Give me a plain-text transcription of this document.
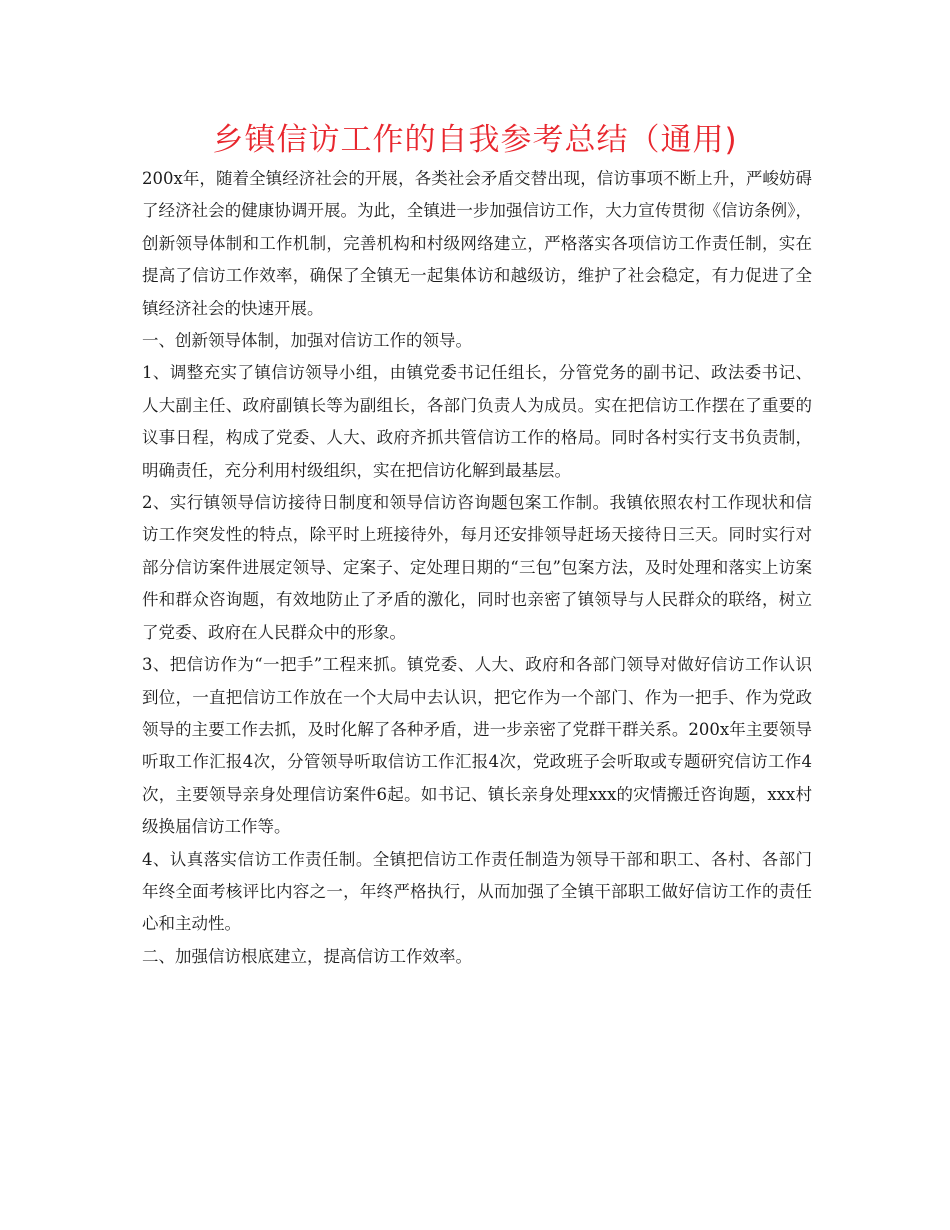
乡镇信访工作的自我参考总结（通用)

200x年，随着全镇经济社会的开展，各类社会矛盾交替出现，信访事项不断上升，严峻妨碍了经济社会的健康协调开展。为此，全镇进一步加强信访工作，大力宣传贯彻《信访条例》，创新领导体制和工作机制，完善机构和村级网络建立，严格落实各项信访工作责任制，实在提高了信访工作效率，确保了全镇无一起集体访和越级访，维护了社会稳定，有力促进了全镇经济社会的快速开展。

一、创新领导体制，加强对信访工作的领导。

1、调整充实了镇信访领导小组，由镇党委书记任组长，分管党务的副书记、政法委书记、人大副主任、政府副镇长等为副组长，各部门负责人为成员。实在把信访工作摆在了重要的议事日程，构成了党委、人大、政府齐抓共管信访工作的格局。同时各村实行支书负责制，明确责任，充分利用村级组织，实在把信访化解到最基层。

2、实行镇领导信访接待日制度和领导信访咨询题包案工作制。我镇依照农村工作现状和信访工作突发性的特点，除平时上班接待外，每月还安排领导赶场天接待日三天。同时实行对部分信访案件进展定领导、定案子、定处理日期的“三包”包案方法，及时处理和落实上访案件和群众咨询题，有效地防止了矛盾的激化，同时也亲密了镇领导与人民群众的联络，树立了党委、政府在人民群众中的形象。

3、把信访作为“一把手”工程来抓。镇党委、人大、政府和各部门领导对做好信访工作认识到位，一直把信访工作放在一个大局中去认识，把它作为一个部门、作为一把手、作为党政领导的主要工作去抓，及时化解了各种矛盾，进一步亲密了党群干群关系。200x年主要领导听取工作汇报4次，分管领导听取信访工作汇报4次，党政班子会听取或专题研究信访工作4次，主要领导亲身处理信访案件6起。如书记、镇长亲身处理xxx的灾情搬迁咨询题，xxx村级换届信访工作等。

4、认真落实信访工作责任制。全镇把信访工作责任制造为领导干部和职工、各村、各部门年终全面考核评比内容之一，年终严格执行，从而加强了全镇干部职工做好信访工作的责任心和主动性。

二、加强信访根底建立，提高信访工作效率。
